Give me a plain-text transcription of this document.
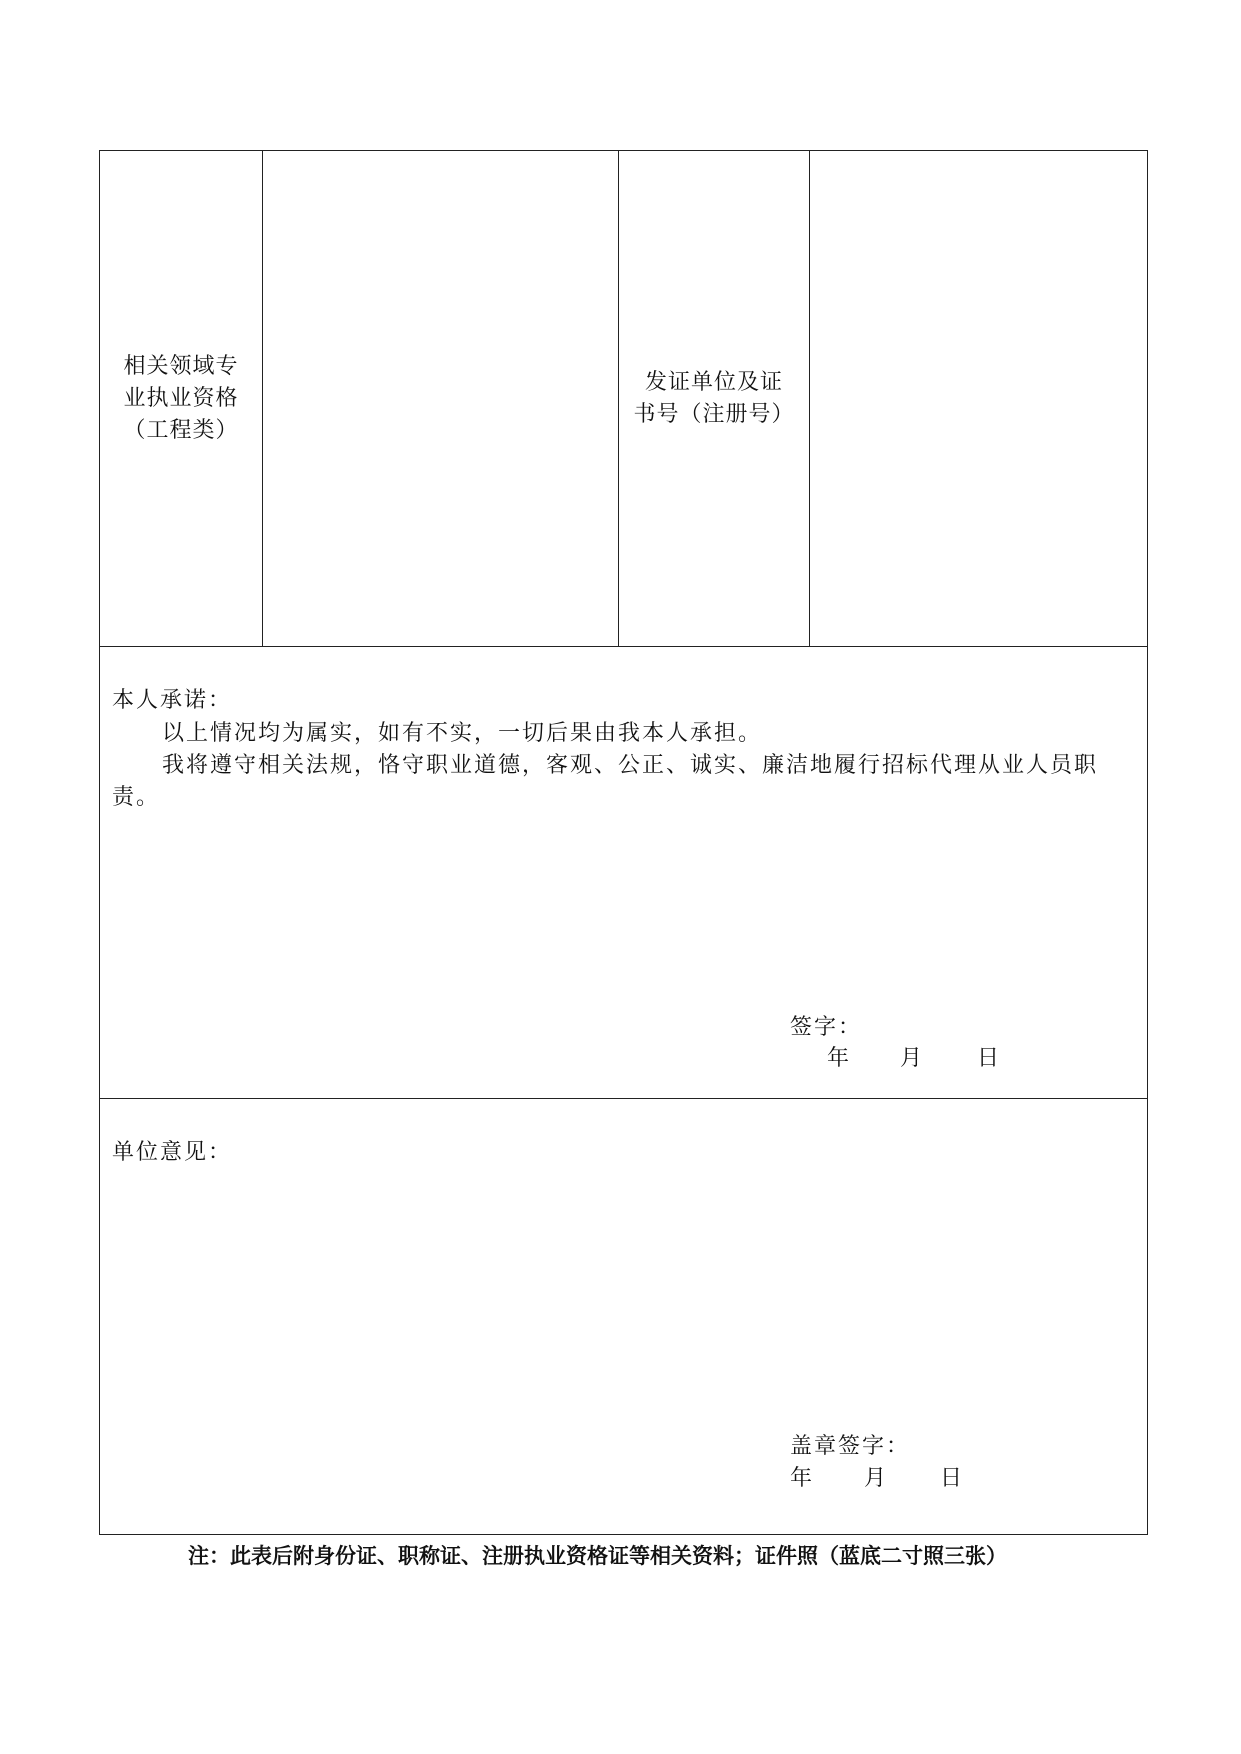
相关领域专
业执业资格
（工程类）

发证单位及证
书号（注册号）

本人承诺：
以上情况均为属实，如有不实，一切后果由我本人承担。
我将遵守相关法规，恪守职业道德，客观、公正、诚实、廉洁地履行招标代理从业人员职
责。
签字：
年 月 日

单位意见：
盖章签字：
年 月 日
注：此表后附身份证、职称证、注册执业资格证等相关资料；证件照（蓝底二寸照三张）
